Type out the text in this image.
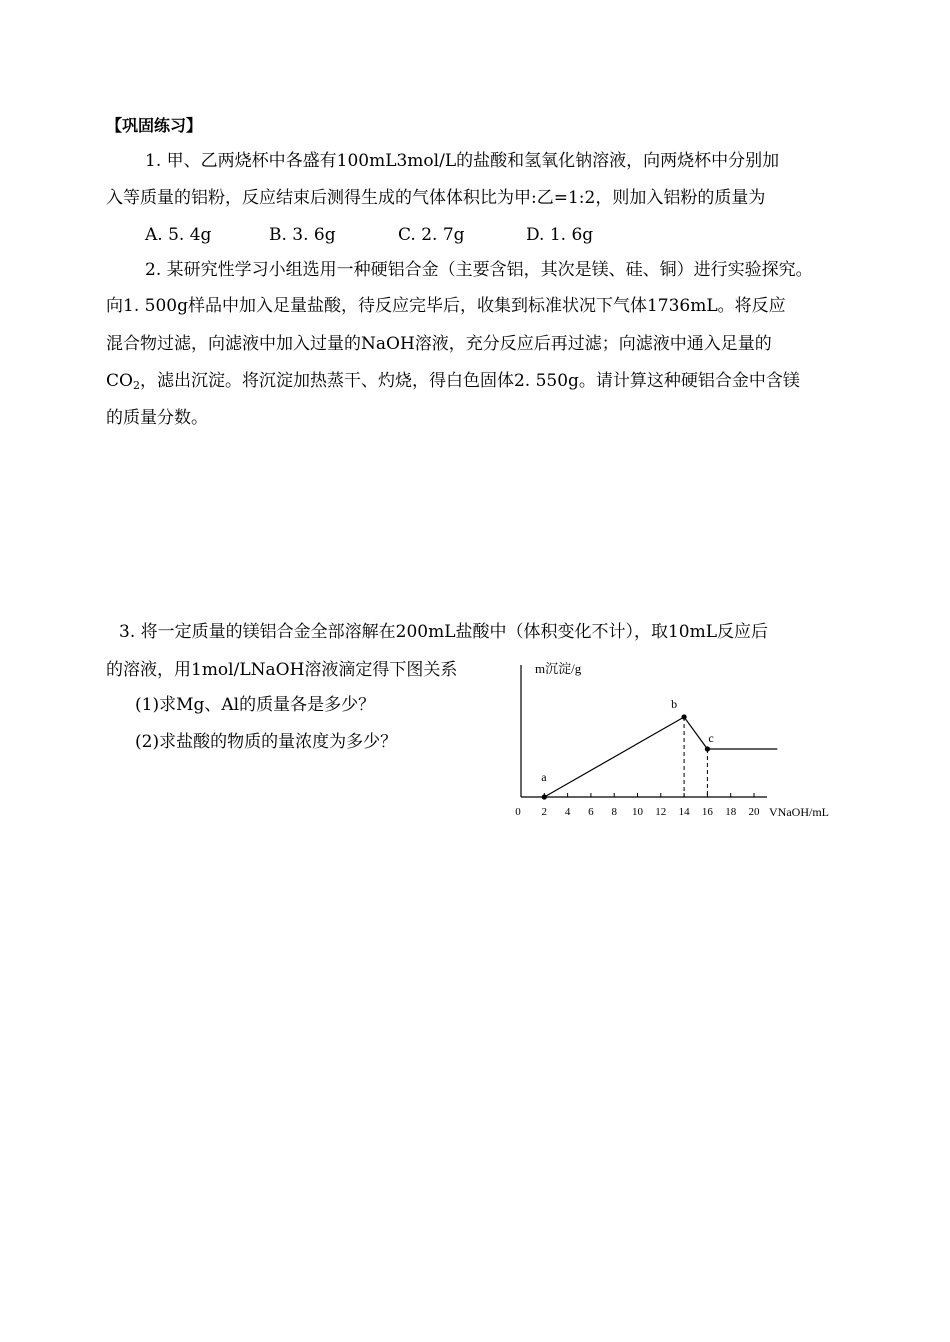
【巩固练习】
1. 甲、乙两烧杯中各盛有100mL3mol/L的盐酸和氢氧化钠溶液，向两烧杯中分别加
入等质量的铝粉，反应结束后测得生成的气体体积比为甲:乙=1:2，则加入铝粉的质量为
A. 5. 4g	B. 3. 6g	C. 2. 7g	D. 1. 6g
2. 某研究性学习小组选用一种硬铝合金（主要含铝，其次是镁、硅、铜）进行实验探究。
向1. 500g样品中加入足量盐酸，待反应完毕后，收集到标准状况下气体1736mL。将反应
混合物过滤，向滤液中加入过量的NaOH溶液，充分反应后再过滤；向滤液中通入足量的
$CO_2$，滤出沉淀。将沉淀加热蒸干、灼烧，得白色固体2. 550g。请计算这种硬铝合金中含镁
的质量分数。
3. 将一定质量的镁铝合金全部溶解在200mL盐酸中（体积变化不计），取10mL反应后
的溶液，用1mol/LNaOH溶液滴定得下图关系
(1)求Mg、Al的质量各是多少？
(2)求盐酸的物质的量浓度为多少？
0 2 4 6 8 10 12 14 16 18 20
m沉淀/g
VNaOH/mL
a
b
c
